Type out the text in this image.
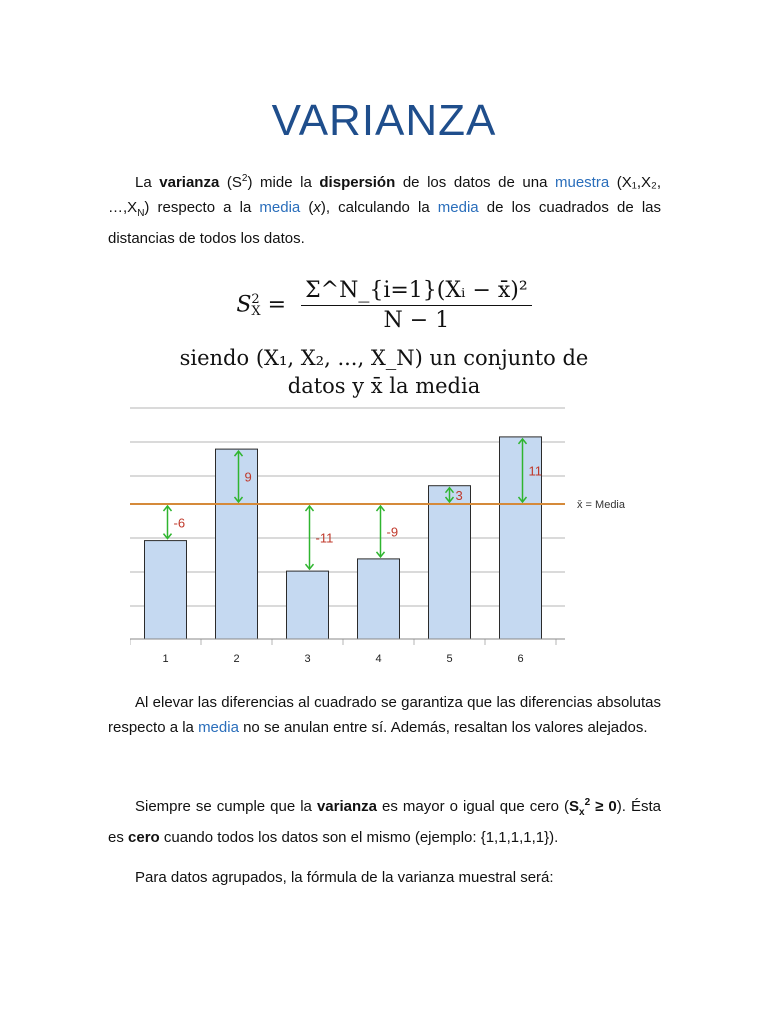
VARIANZA

La varianza $(S^2)$ mide la dispersión de los datos de una muestra (X₁,X₂, $\dots,X_N$) respecto a la media (x), calculando la media de los cuadrados de las distancias de todos los datos.

S 2
$X = \frac{\text{Σ\textasciicircum{}N\_\{i=1\}(Xᵢ − x̄)²}}{N - 1}$
siendo (X₁, X₂, ..., X_N) un conjunto de
datos y x̄ la media
-6
1
9
2
-11
3
-9
4
3
5
11
6
x̄ = Media

Al elevar las diferencias al cuadrado se garantiza que las diferencias absolutas respecto a la media no se anulan entre sí. Además, resaltan los valores alejados.

Siempre se cumple que la varianza es mayor o igual que cero $(S_x^2 \ge 0)$. Ésta es cero cuando todos los datos son el mismo (ejemplo: {1,1,1,1,1}).

Para datos agrupados, la fórmula de la varianza muestral será:
